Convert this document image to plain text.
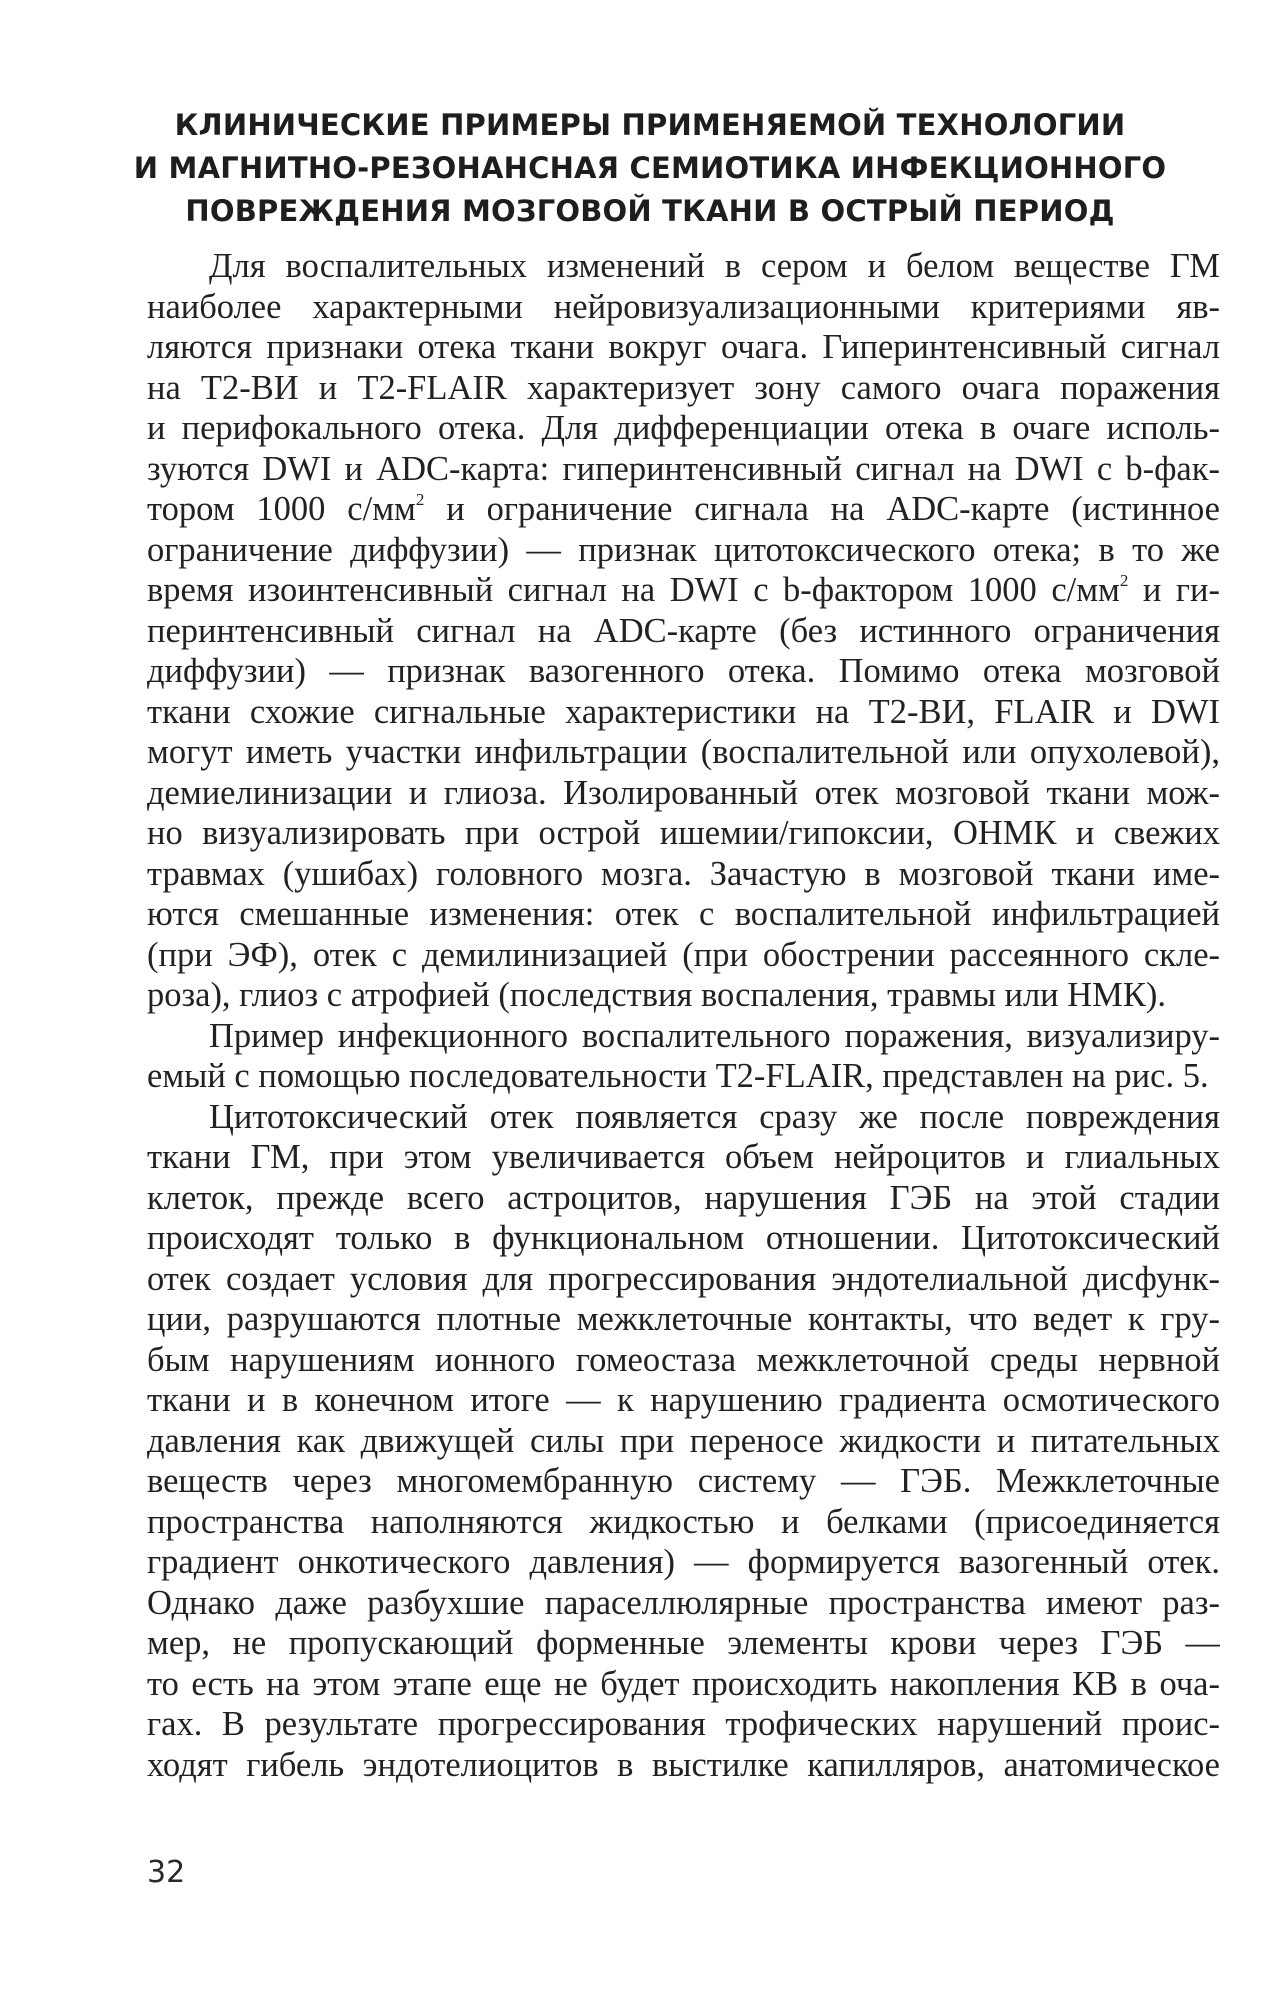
КЛИНИЧЕСКИЕ ПРИМЕРЫ ПРИМЕНЯЕМОЙ ТЕХНОЛОГИИ
И МАГНИТНО-РЕЗОНАНСНАЯ СЕМИОТИКА ИНФЕКЦИОННОГО
ПОВРЕЖДЕНИЯ МОЗГОВОЙ ТКАНИ В ОСТРЫЙ ПЕРИОД
Для воспалительных изменений в сером и белом веществе ГМ
наиболее характерными нейровизуализационными критериями яв-
ляются признаки отека ткани вокруг очага. Гиперинтенсивный сигнал
на T2-ВИ и T2-FLAIR характеризует зону самого очага поражения
и перифокального отека. Для дифференциации отека в очаге исполь-
зуются DWI и ADC-карта: гиперинтенсивный сигнал на DWI с b-фак-
тором 1000 $с/мм^2$ и ограничение сигнала на ADC-карте (истинное
ограничение диффузии) — признак цитотоксического отека; в то же
время изоинтенсивный сигнал на DWI с b-фактором 1000 $с/мм^2$ и ги-
перинтенсивный сигнал на ADC-карте (без истинного ограничения
диффузии) — признак вазогенного отека. Помимо отека мозговой
ткани схожие сигнальные характеристики на T2-ВИ, FLAIR и DWI
могут иметь участки инфильтрации (воспалительной или опухолевой),
демиелинизации и глиоза. Изолированный отек мозговой ткани мож-
но визуализировать при острой ишемии/гипоксии, ОНМК и свежих
травмах (ушибах) головного мозга. Зачастую в мозговой ткани име-
ются смешанные изменения: отек с воспалительной инфильтрацией
(при ЭФ), отек с демилинизацией (при обострении рассеянного скле-
роза), глиоз с атрофией (последствия воспаления, травмы или НМК).
Пример инфекционного воспалительного поражения, визуализиру-
емый с помощью последовательности T2-FLAIR, представлен на рис. 5.
Цитотоксический отек появляется сразу же после повреждения
ткани ГМ, при этом увеличивается объем нейроцитов и глиальных
клеток, прежде всего астроцитов, нарушения ГЭБ на этой стадии
происходят только в функциональном отношении. Цитотоксический
отек создает условия для прогрессирования эндотелиальной дисфунк-
ции, разрушаются плотные межклеточные контакты, что ведет к гру-
бым нарушениям ионного гомеостаза межклеточной среды нервной
ткани и в конечном итоге — к нарушению градиента осмотического
давления как движущей силы при переносе жидкости и питательных
веществ через многомембранную систему — ГЭБ. Межклеточные
пространства наполняются жидкостью и белками (присоединяется
градиент онкотического давления) — формируется вазогенный отек.
Однако даже разбухшие параcеллюлярные пространства имеют раз-
мер, не пропускающий форменные элементы крови через ГЭБ —
то есть на этом этапе еще не будет происходить накопления КВ в оча-
гах. В результате прогрессирования трофических нарушений проис-
ходят гибель эндотелиоцитов в выстилке капилляров, анатомическое
32
